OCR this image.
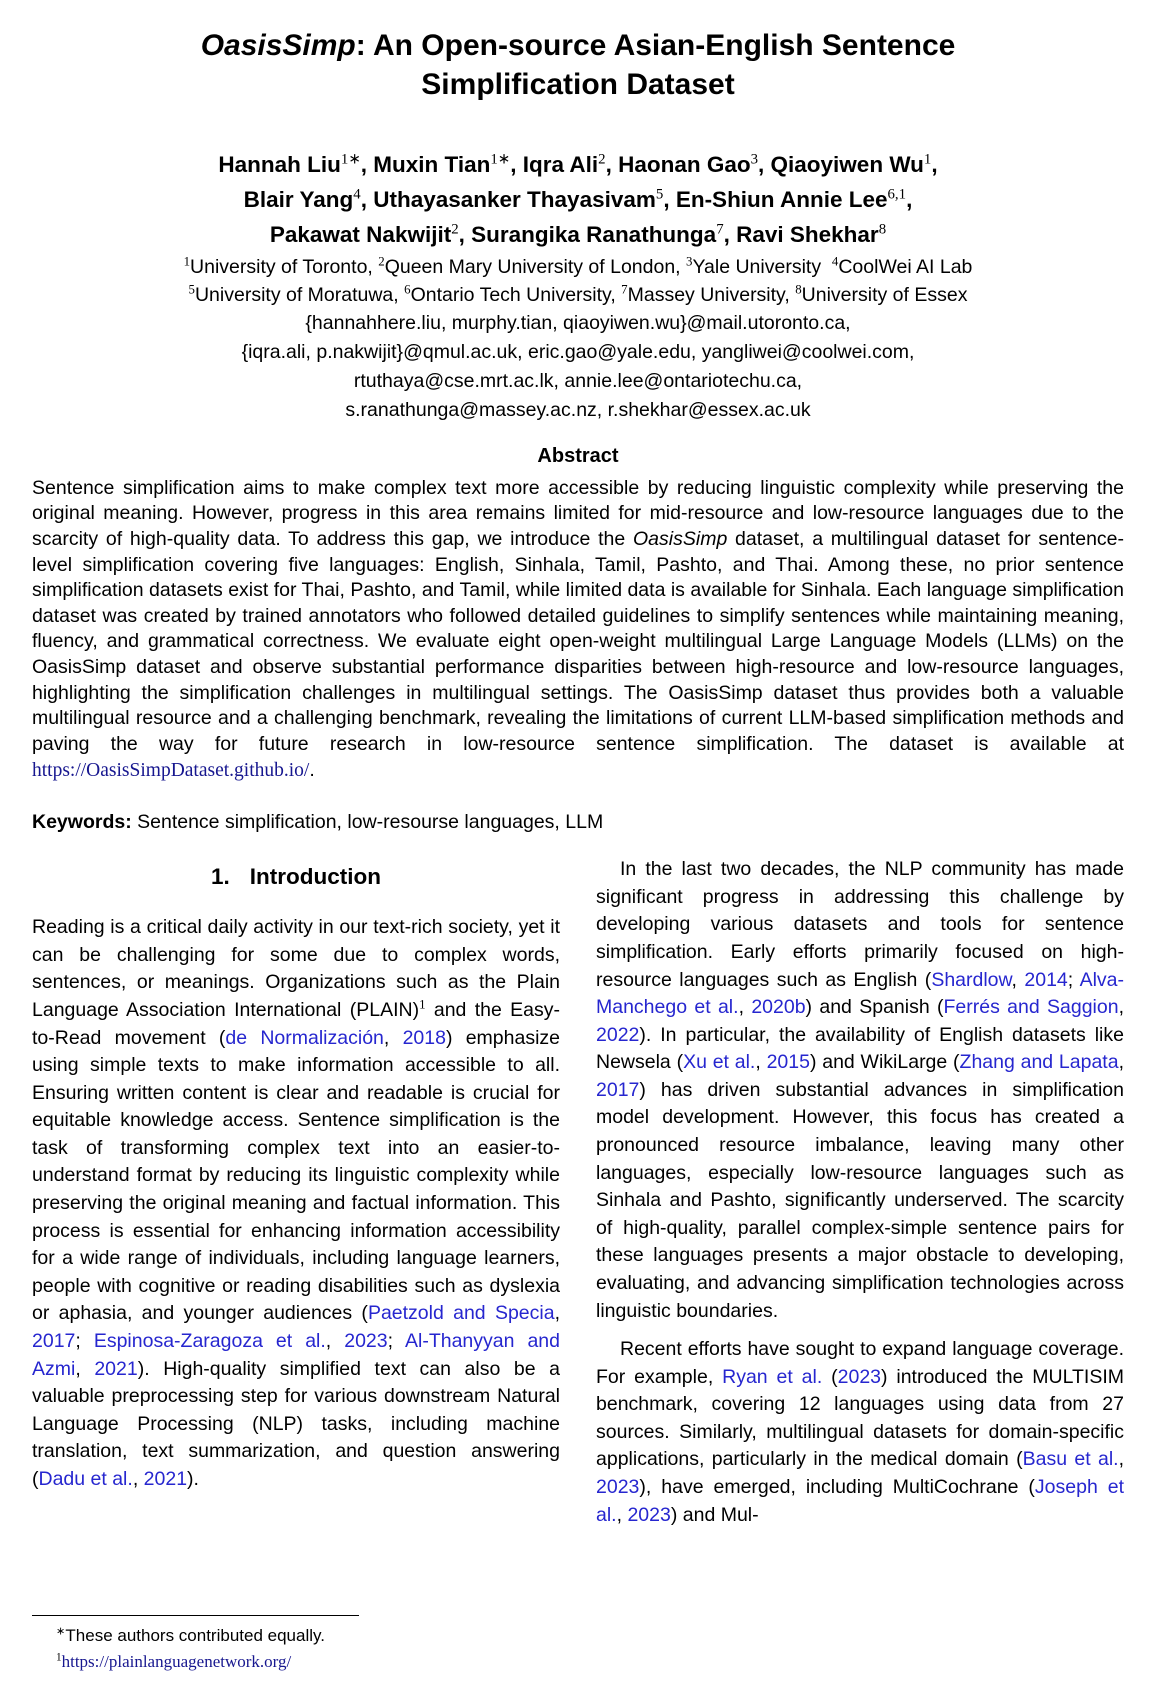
OasisSimp: An Open-source Asian-English Sentence Simplification Dataset
Hannah Liu$^{1∗}$, Muxin Tian$^{1∗}$, Iqra Ali$^2$, Haonan Gao$^3$, Qiaoyiwen Wu$^1$,
Blair Yang$^4$, Uthayasanker Thayasivam$^5$, En-Shiun Annie Lee$^{6,1}$,
Pakawat Nakwijit$^2$, Surangika Ranathunga$^7$, Ravi Shekhar$^8$
$^1$University of Toronto, $^2$Queen Mary University of London, $^3$Yale University  $^4$CoolWei AI Lab
$^5$University of Moratuwa, $^6$Ontario Tech University, $^7$Massey University, $^8$University of Essex
{hannahhere.liu, murphy.tian, qiaoyiwen.wu}@mail.utoronto.ca,
{iqra.ali, p.nakwijit}@qmul.ac.uk, eric.gao@yale.edu, yangliwei@coolwei.com,
rtuthaya@cse.mrt.ac.lk, annie.lee@ontariotechu.ca,
s.ranathunga@massey.ac.nz, r.shekhar@essex.ac.uk
Abstract

Sentence simplification aims to make complex text more accessible by reducing linguistic complexity while preserving the original meaning. However, progress in this area remains limited for mid-resource and low-resource languages due to the scarcity of high-quality data. To address this gap, we introduce the OasisSimp dataset, a multilingual dataset for sentence-level simplification covering five languages: English, Sinhala, Tamil, Pashto, and Thai. Among these, no prior sentence simplification datasets exist for Thai, Pashto, and Tamil, while limited data is available for Sinhala. Each language simplification dataset was created by trained annotators who followed detailed guidelines to simplify sentences while maintaining meaning, fluency, and grammatical correctness. We evaluate eight open-weight multilingual Large Language Models (LLMs) on the OasisSimp dataset and observe substantial performance disparities between high-resource and low-resource languages, highlighting the simplification challenges in multilingual settings. The OasisSimp dataset thus provides both a valuable multilingual resource and a challenging benchmark, revealing the limitations of current LLM-based simplification methods and paving the way for future research in low-resource sentence simplification. The dataset is available at https://OasisSimpDataset.github.io/.

Keywords: Sentence simplification, low-resourse languages, LLM
1. Introduction

Reading is a critical daily activity in our text-rich society, yet it can be challenging for some due to complex words, sentences, or meanings. Organizations such as the Plain Language Association International (PLAIN)$^1$ and the Easy-to-Read movement (de Normalización, 2018) emphasize using simple texts to make information accessible to all. Ensuring written content is clear and readable is crucial for equitable knowledge access. Sentence simplification is the task of transforming complex text into an easier-to-understand format by reducing its linguistic complexity while preserving the original meaning and factual information. This process is essential for enhancing information accessibility for a wide range of individuals, including language learners, people with cognitive or reading disabilities such as dyslexia or aphasia, and younger audiences (Paetzold and Specia, 2017; Espinosa-Zaragoza et al., 2023; Al-Thanyyan and Azmi, 2021). High-quality simplified text can also be a valuable preprocessing step for various downstream Natural Language Processing (NLP) tasks, including machine translation, text summarization, and question answering (Dadu et al., 2021).

∗These authors contributed equally.
$^1$https://plainlanguagenetwork.org/

In the last two decades, the NLP community has made significant progress in addressing this challenge by developing various datasets and tools for sentence simplification. Early efforts primarily focused on high-resource languages such as English (Shardlow, 2014; Alva-Manchego et al., 2020b) and Spanish (Ferrés and Saggion, 2022). In particular, the availability of English datasets like Newsela (Xu et al., 2015) and WikiLarge (Zhang and Lapata, 2017) has driven substantial advances in simplification model development. However, this focus has created a pronounced resource imbalance, leaving many other languages, especially low-resource languages such as Sinhala and Pashto, significantly underserved. The scarcity of high-quality, parallel complex-simple sentence pairs for these languages presents a major obstacle to developing, evaluating, and advancing simplification technologies across linguistic boundaries.

Recent efforts have sought to expand language coverage. For example, Ryan et al. (2023) introduced the MULTISIM benchmark, covering 12 languages using data from 27 sources. Similarly, multilingual datasets for domain-specific applications, particularly in the medical domain (Basu et al., 2023), have emerged, including MultiCochrane (Joseph et al., 2023) and Mul-
